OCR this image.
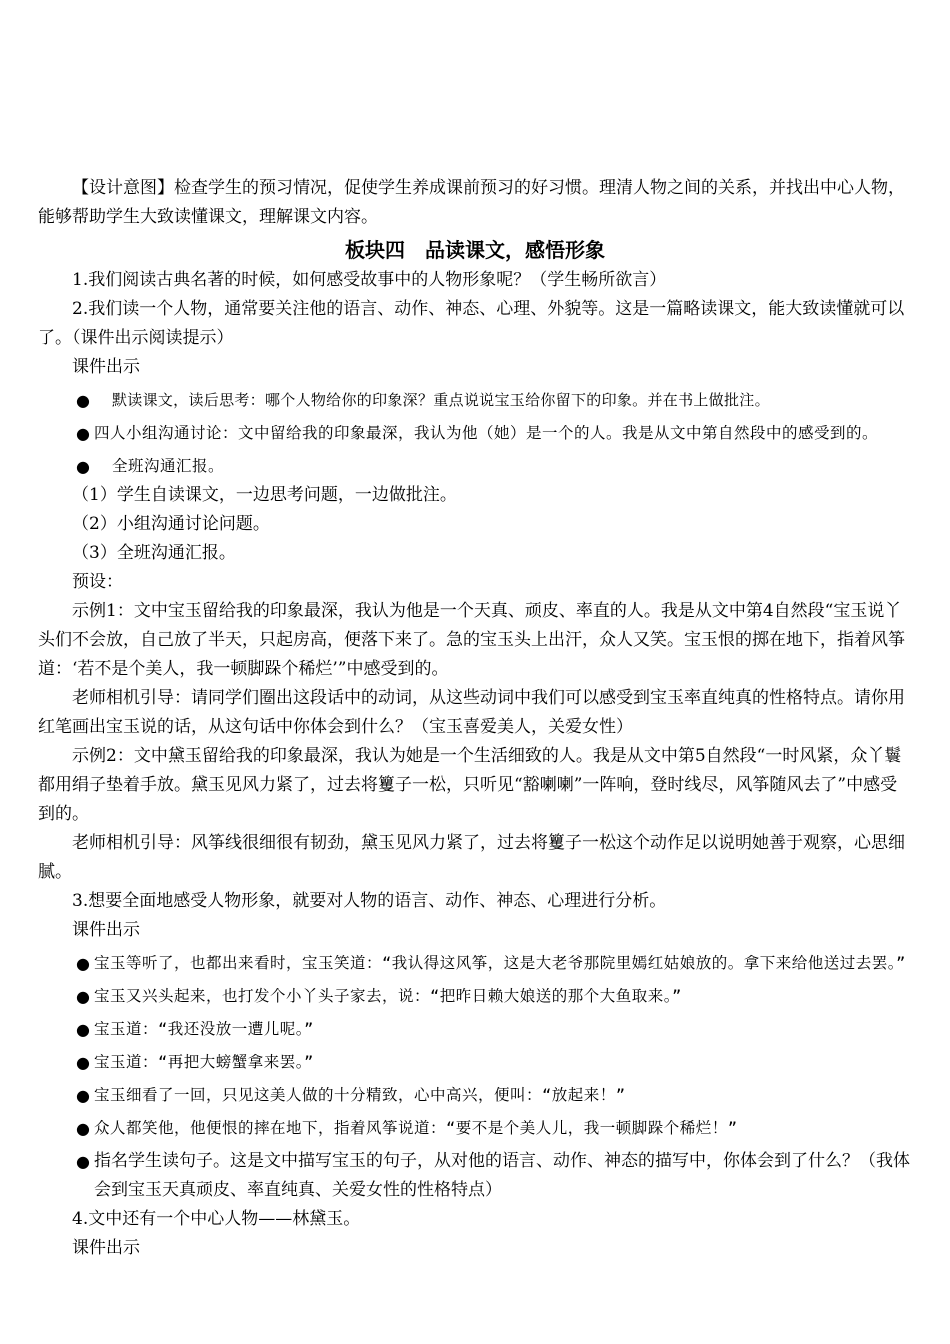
【设计意图】检查学生的预习情况，促使学生养成课前预习的好习惯。理清人物之间的关系，并找出中心人物，能够帮助学生大致读懂课文，理解课文内容。

板块四　品读课文，感悟形象

1.我们阅读古典名著的时候，如何感受故事中的人物形象呢？（学生畅所欲言）

2.我们读一个人物，通常要关注他的语言、动作、神态、心理、外貌等。这是一篇略读课文，能大致读懂就可以了。（课件出示阅读提示）

课件出示

● 默读课文，读后思考：哪个人物给你的印象深？重点说说宝玉给你留下的印象。并在书上做批注。
● 四人小组沟通讨论：文中留给我的印象最深，我认为他（她）是一个的人。我是从文中第自然段中的感受到的。
● 全班沟通汇报。

（1）学生自读课文，一边思考问题，一边做批注。

（2）小组沟通讨论问题。

（3）全班沟通汇报。

预设：

示例1：文中宝玉留给我的印象最深，我认为他是一个天真、顽皮、率直的人。我是从文中第4自然段“宝玉说丫头们不会放，自己放了半天，只起房高，便落下来了。急的宝玉头上出汗，众人又笑。宝玉恨的掷在地下，指着风筝道：‘若不是个美人，我一顿脚跺个稀烂’”中感受到的。

老师相机引导：请同学们圈出这段话中的动词，从这些动词中我们可以感受到宝玉率直纯真的性格特点。请你用红笔画出宝玉说的话，从这句话中你体会到什么？（宝玉喜爱美人，关爱女性）

示例2：文中黛玉留给我的印象最深，我认为她是一个生活细致的人。我是从文中第5自然段“一时风紧，众丫鬟都用绢子垫着手放。黛玉见风力紧了，过去将籰子一松，只听见“豁喇喇”一阵响，登时线尽，风筝随风去了”中感受到的。

老师相机引导：风筝线很细很有韧劲，黛玉见风力紧了，过去将籰子一松这个动作足以说明她善于观察，心思细腻。

3.想要全面地感受人物形象，就要对人物的语言、动作、神态、心理进行分析。

课件出示

● 宝玉等听了，也都出来看时，宝玉笑道：“我认得这风筝，这是大老爷那院里嫣红姑娘放的。拿下来给他送过去罢。”
● 宝玉又兴头起来，也打发个小丫头子家去，说：“把昨日赖大娘送的那个大鱼取来。”
● 宝玉道：“我还没放一遭儿呢。”
● 宝玉道：“再把大螃蟹拿来罢。”
● 宝玉细看了一回，只见这美人做的十分精致，心中高兴，便叫：“放起来！”
● 众人都笑他，他便恨的摔在地下，指着风筝说道：“要不是个美人儿，我一顿脚跺个稀烂！”
● 指名学生读句子。这是文中描写宝玉的句子，从对他的语言、动作、神态的描写中，你体会到了什么？（我体会到宝玉天真顽皮、率直纯真、关爱女性的性格特点）

4.文中还有一个中心人物——林黛玉。

课件出示
